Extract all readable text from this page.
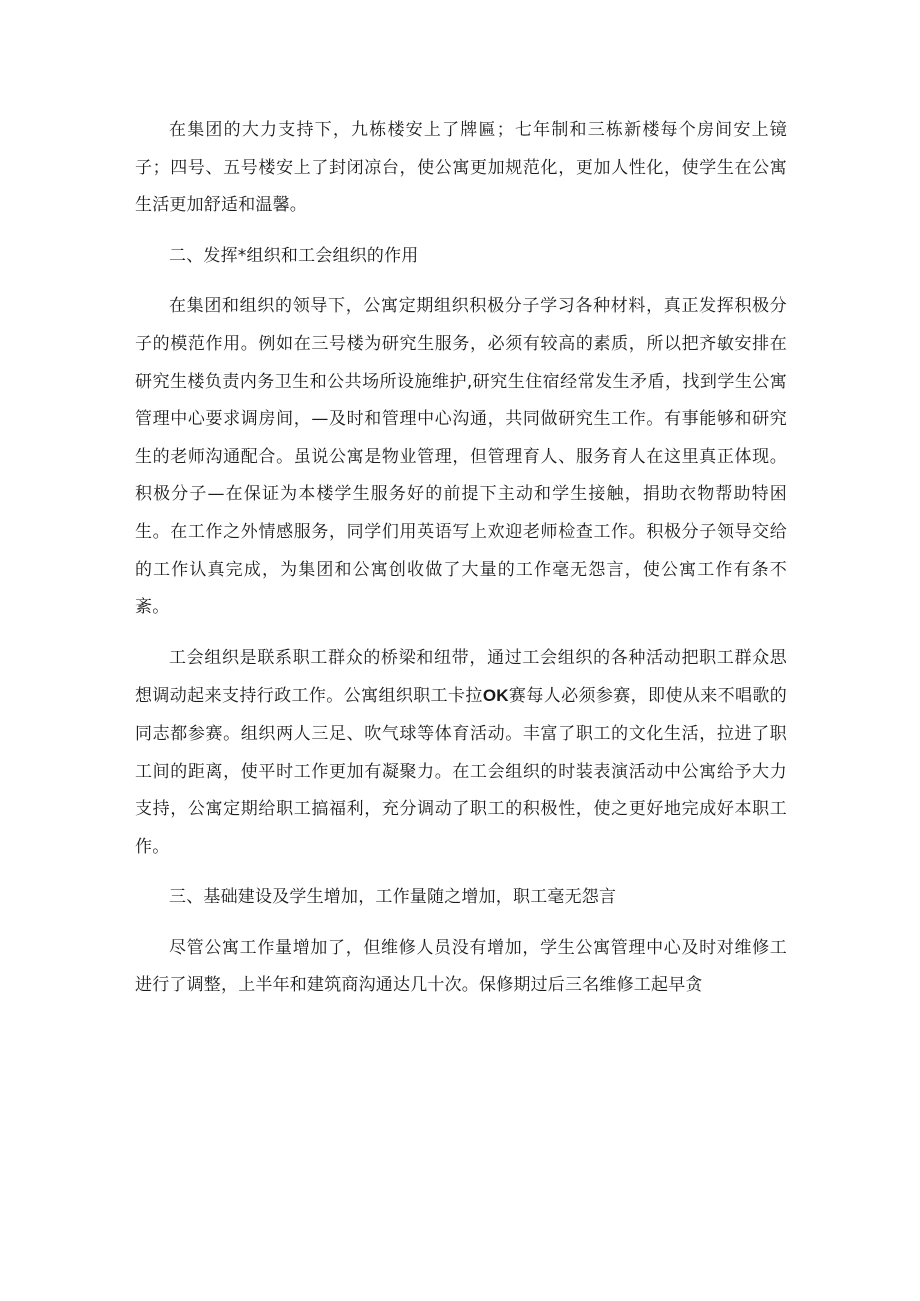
在集团的大力支持下，九栋楼安上了牌匾；七年制和三栋新楼每个房间安上镜子；四号、五号楼安上了封闭凉台，使公寓更加规范化，更加人性化，使学生在公寓生活更加舒适和温馨。

二、发挥*组织和工会组织的作用

在集团和组织的领导下，公寓定期组织积极分子学习各种材料，真正发挥积极分子的模范作用。例如在三号楼为研究生服务，必须有较高的素质，所以把齐敏安排在研究生楼负责内务卫生和公共场所设施维护,研究生住宿经常发生矛盾，找到学生公寓管理中心要求调房间，—及时和管理中心沟通，共同做研究生工作。有事能够和研究生的老师沟通配合。虽说公寓是物业管理，但管理育人、服务育人在这里真正体现。积极分子—在保证为本楼学生服务好的前提下主动和学生接触，捐助衣物帮助特困生。在工作之外情感服务，同学们用英语写上欢迎老师检查工作。积极分子领导交给的工作认真完成，为集团和公寓创收做了大量的工作毫无怨言，使公寓工作有条不紊。

工会组织是联系职工群众的桥梁和纽带，通过工会组织的各种活动把职工群众思想调动起来支持行政工作。公寓组织职工卡拉OK赛每人必须参赛，即使从来不唱歌的同志都参赛。组织两人三足、吹气球等体育活动。丰富了职工的文化生活，拉进了职工间的距离，使平时工作更加有凝聚力。在工会组织的时装表演活动中公寓给予大力支持，公寓定期给职工搞福利，充分调动了职工的积极性，使之更好地完成好本职工作。

三、基础建设及学生增加，工作量随之增加，职工毫无怨言

尽管公寓工作量增加了，但维修人员没有增加，学生公寓管理中心及时对维修工进行了调整，上半年和建筑商沟通达几十次。保修期过后三名维修工起早贪
